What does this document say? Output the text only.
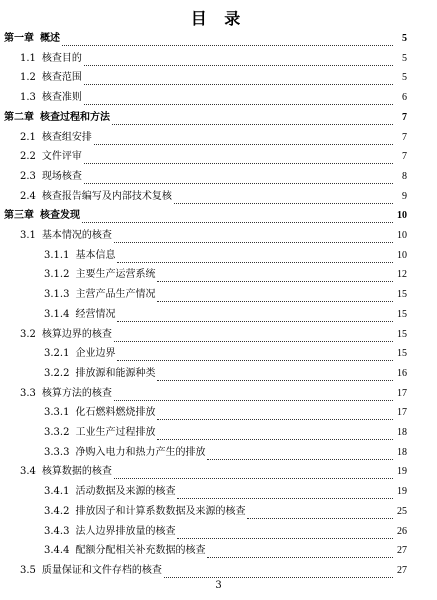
目 录
第一章 概述	5
1.1 核查目的	5
1.2 核查范围	5
1.3 核查准则	6
第二章 核查过程和方法	7
2.1 核查组安排	7
2.2 文件评审	7
2.3 现场核查	8
2.4 核查报告编写及内部技术复核	9
第三章 核查发现	10
3.1 基本情况的核查	10
3.1.1 基本信息	10
3.1.2 主要生产运营系统	12
3.1.3 主营产品生产情况	15
3.1.4 经营情况	15
3.2 核算边界的核查	15
3.2.1 企业边界	15
3.2.2 排放源和能源种类	16
3.3 核算方法的核查	17
3.3.1 化石燃料燃烧排放	17
3.3.2 工业生产过程排放	18
3.3.3 净购入电力和热力产生的排放	18
3.4 核算数据的核查	19
3.4.1 活动数据及来源的核查	19
3.4.2 排放因子和计算系数数据及来源的核查	25
3.4.3 法人边界排放量的核查	26
3.4.4 配额分配相关补充数据的核查	27
3.5 质量保证和文件存档的核查	27
3
